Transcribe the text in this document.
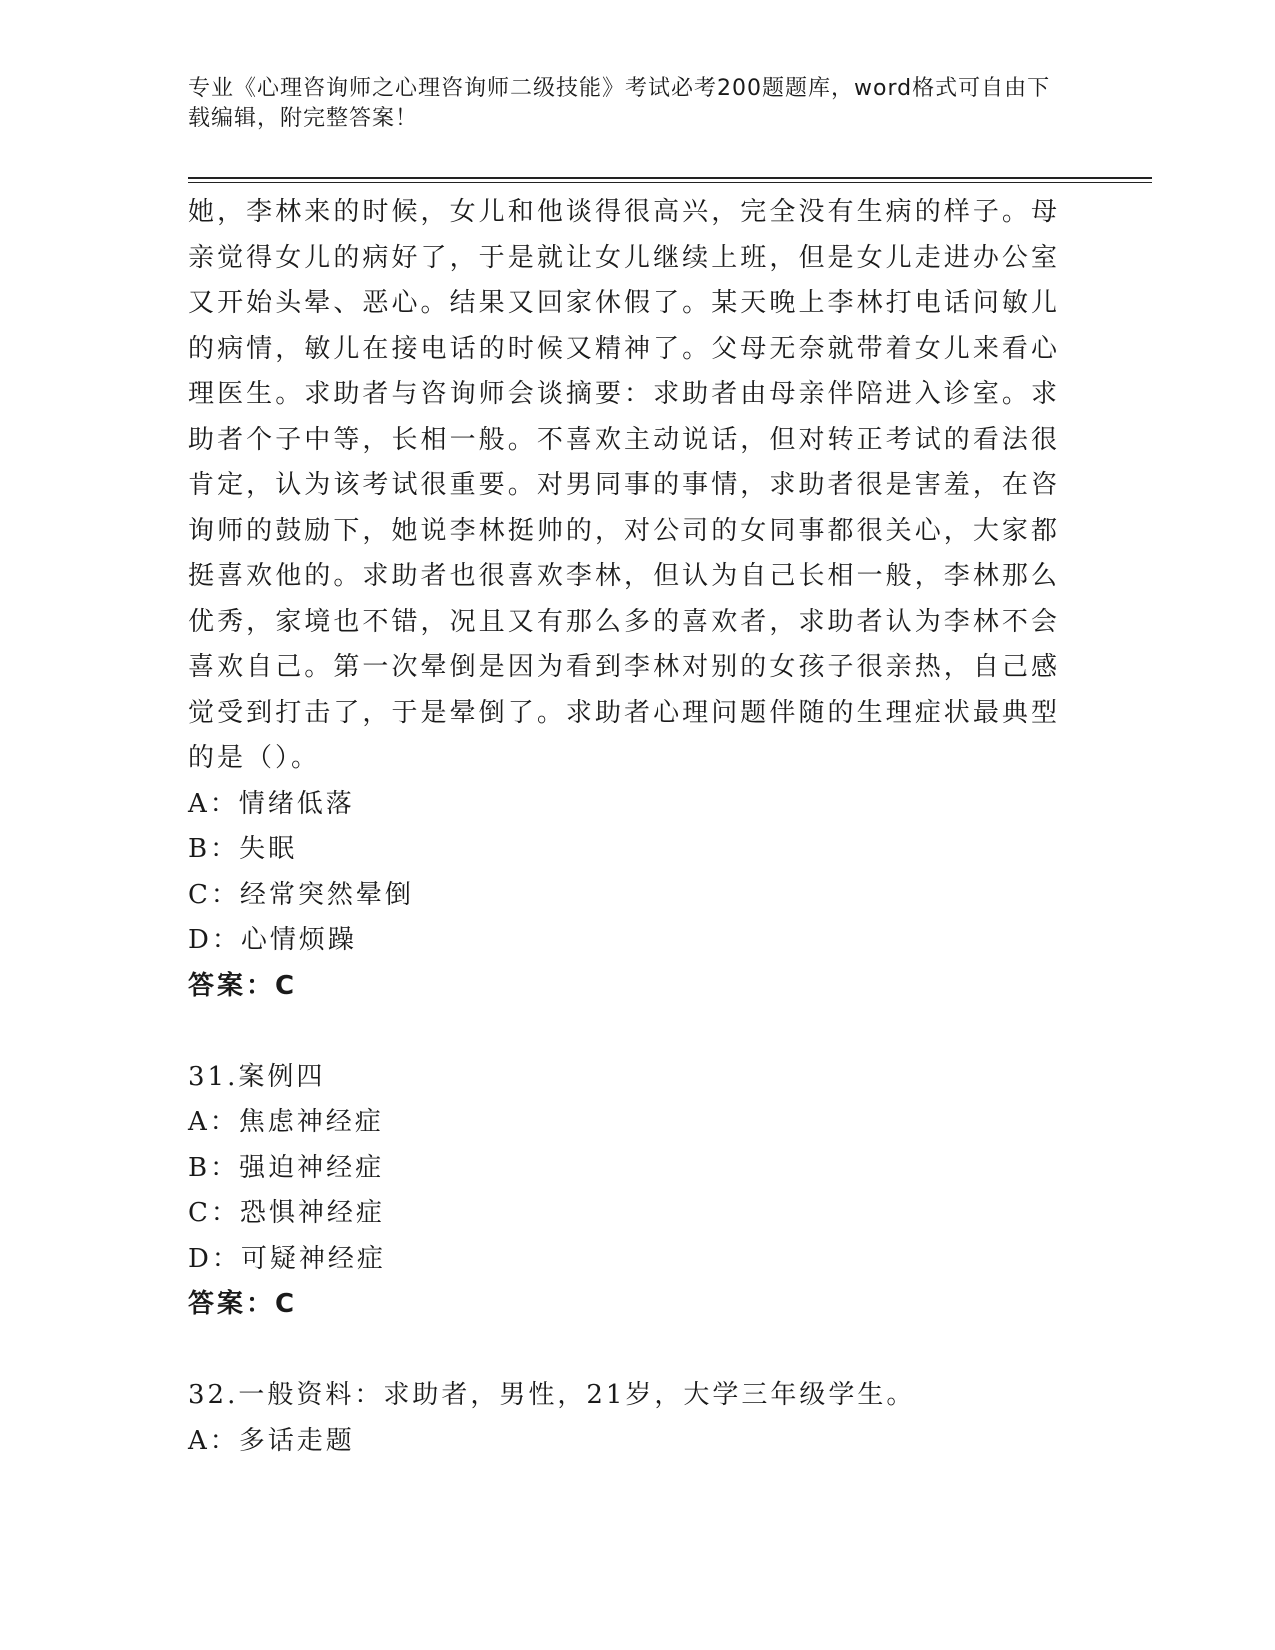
专业《心理咨询师之心理咨询师二级技能》考试必考200题题库，word格式可自由下载编辑，附完整答案！

她，李林来的时候，女儿和他谈得很高兴，完全没有生病的样子。母亲觉得女儿的病好了，于是就让女儿继续上班，但是女儿走进办公室又开始头晕、恶心。结果又回家休假了。某天晚上李林打电话问敏儿的病情，敏儿在接电话的时候又精神了。父母无奈就带着女儿来看心理医生。求助者与咨询师会谈摘要：求助者由母亲伴陪进入诊室。求助者个子中等，长相一般。不喜欢主动说话，但对转正考试的看法很肯定，认为该考试很重要。对男同事的事情，求助者很是害羞，在咨询师的鼓励下，她说李林挺帅的，对公司的女同事都很关心，大家都挺喜欢他的。求助者也很喜欢李林，但认为自己长相一般，李林那么优秀，家境也不错，况且又有那么多的喜欢者，求助者认为李林不会喜欢自己。第一次晕倒是因为看到李林对别的女孩子很亲热，自己感觉受到打击了，于是晕倒了。求助者心理问题伴随的生理症状最典型的是（）。

A：情绪低落
B：失眠
C：经常突然晕倒
D：心情烦躁
答案：C
31.案例四
A：焦虑神经症
B：强迫神经症
C：恐惧神经症
D：可疑神经症
答案：C
32.一般资料：求助者，男性，21岁，大学三年级学生。
A：多话走题
